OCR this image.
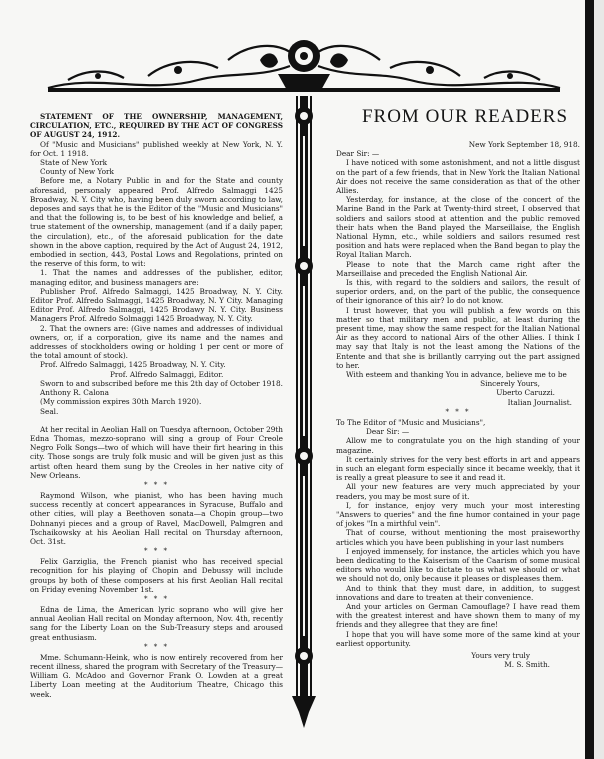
STATEMENT OF THE OWNERSHIP, MANAGEMENT, CIRCULATION, ETC., REQUIRED BY THE ACT OF CONGRESS OF AUGUST 24, 1912.

Of "Music and Musicians" published weekly at New York, N. Y. for Oct. 1 1918.

State of New York

County of New York

Before me, a Notary Public in and for the State and county aforesaid, personaly appeared Prof. Alfredo Salmaggi 1425 Broadway, N. Y. City who, having been duly sworn according to law, deposes and says that he is the Editor of the "Music and Musicians" and that the following is, to be best of his knowledge and belief, a true statement of the ownership, management (and if a daily paper, the circulation), etc., of the aforesaid publication for the date shown in the above caption, required by the Act of August 24, 1912, embodied in section, 443, Postal Lows and Regolations, printed on the reserve of this form, to wit:

1. That the names and addresses of the publisher, editor, managing editor, and business managers are:

Publisher Prof. Alfredo Salmaggi, 1425 Broadway, N. Y. City. Editor Prof. Alfredo Salmaggi, 1425 Broadway, N. Y City. Managing Editor Prof. Alfredo Salmaggi, 1425 Brodawy N. Y. City. Business Managers Prof. Alfredo Solmaggi 1425 Broadway, N. Y. City.

2. That the owners are: (Give names and addresses of individual owners, or, if a corporation, give its name and the names and addresses of stockholders owing or holding 1 per cent or more of the total amount of stock).

Prof. Alfredo Salmaggi, 1425 Broadway, N. Y. City.

Prof. Alfredo Salmaggi, Editor.

Sworn to and subscribed before me this 2th day of October 1918.

Anthony R. Calona

(My commission expires 30th March 1920).

Seal.

At her recital in Aeolian Hall on Tuesdya afternoon, October 29th Edna Thomas, mezzo-soprano will sing a group of Four Creole Negro Folk Songs—two of which will have their firt hearing in this city. Those songs are truly folk music and will be given just as this artist often heard them sung by the Creoles in her native city of New Orleans.

* * *

Raymond Wilson, whe pianist, who has been having much success recently at concert appearances in Syracuse, Buffalo and other cities, will play a Beethoven sonata—a Chopin group—two Dohnanyi pieces and a group of Ravel, MacDowell, Palmgren and Tschaikowsky at his Aeolian Hall recital on Thursday afternoon, Oct. 31st.

* * *

Felix Garziglia, the French pianist who has received special recognition for his playing of Chopin and Debussy will include groups by both of these composers at his first Aeolian Hall recital on Friday evening November 1st.

* * *

Edna de Lima, the American lyric soprano who will give her annual Aeolian Hall recital on Monday afternoon, Nov. 4th, recently sang for the Liberty Loan on the Sub-Treasury steps and aroused great enthusiasm.

* * *

Mme. Schumann-Heink, who is now entirely recovered from her recent illness, shared the program with Secretary of the Treasury—William G. McAdoo and Governor Frank O. Lowden at a great Liberty Loan meeting at the Auditorium Theatre, Chicago this week.

FROM OUR READERS

New York September 18, 918.

Dear Sir: —

I have noticed with some astonishment, and not a little disgust on the part of a few friends, that in New York the Italian National Air does not receive the same consideration as that of the other Allies.

Yesterday, for instance, at the close of the concert of the Marine Band in the Park at Twenty-third street, I observed that soldiers and sailors stood at attention and the public removed their hats when the Band played the Marseillaise, the English National Hymn, etc., while soldiers and sailors resumed rest position and hats were replaced when the Band began to play the Royal Italian March.

Please to note that the March came right after the Marseillaise and preceded the English National Air.

Is this, with regard to the soldiers and sailors, the result of superior orders, and, on the part of the public, the consequence of their ignorance of this air? Io do not know.

I trust however, that you will publish a few words on this matter so that military men and public, at least during the present time, may show the same respect for the Italian National Air as they accord to national Airs of the other Allies. I think I may say that Italy is not the least among the Nations of the Entente and that she is brillantly carrying out the part assigned to her.

With esteem and thanking You in advance, believe me to be

Sincerely Yours,

Uberto Caruzzi.

Italian Journalist.

* * *

To The Editor of "Music and Musicians",

Dear Sir: —

Allow me to congratulate you on the high standing of your magazine.

It certainly strives for the very best efforts in art and appears in such an elegant form especially since it became weekly, that it is really a great pleasure to see it and read it.

All your new features are very much appreciated by your readers, you may be most sure of it.

I, for instance, enjoy very much your most interesting "Answers to queries" and the fine humor contained in your page of jokes "In a mirthful vein".

That of course, without mentioning the most praiseworthy articles which you have been publishing in your last numbers

I enjoyed immensely, for instance, the articles which you have been dedicating to the Kaiserism of the Caarism of some musical editors who would like to dictate to us what we should or what we should not do, only because it pleases or displeases them.

And to think that they must dare, in addition, to suggest innovations and dare to treaten at their convenience.

And your articles on German Camouflage? I have read them with the greatest interest and have shown them to many of my friends and they allegree that they are fine!

I hope that you will have some more of the same kind at your earliest opportunity.

Yours very truly

M. S. Smith.
